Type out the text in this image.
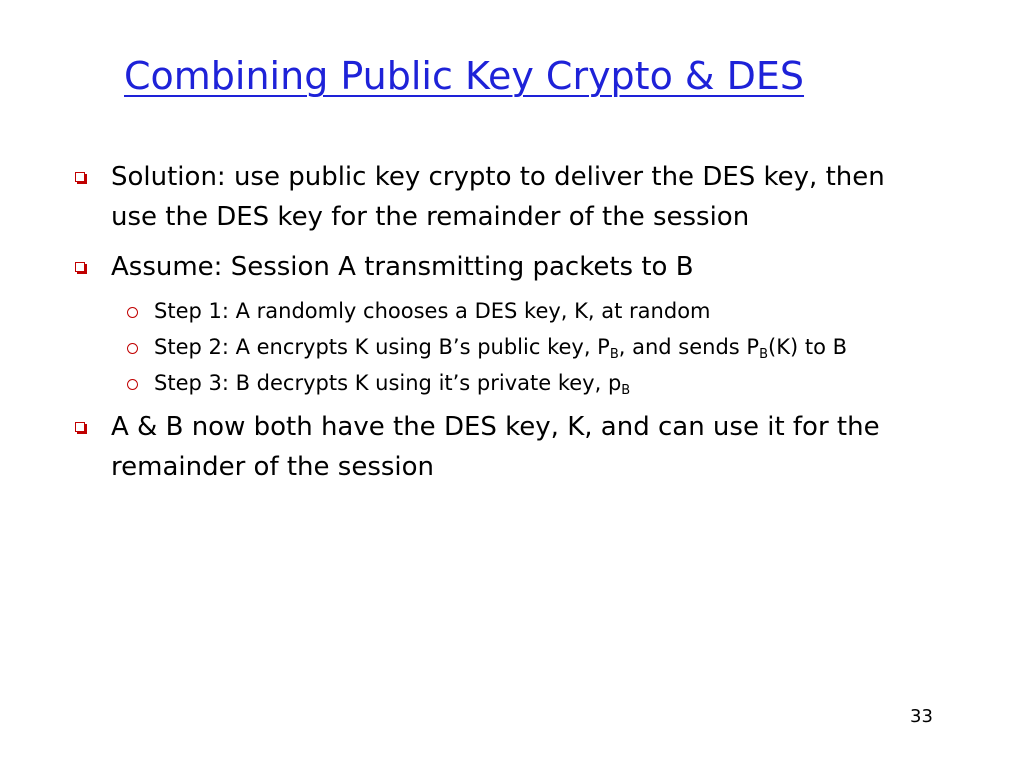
Combining Public Key Crypto & DES
Solution: use public key crypto to deliver the DES key, then use the DES key for the remainder of the session
Assume: Session A transmitting packets to B
Step 1: A randomly chooses a DES key, K, at random
Step 2: A encrypts K using B’s public key, $P_B$, and sends $P_B(K)$ to B
Step 3: B decrypts K using it’s private key, $p_B$
A & B now both have the DES key, K, and can use it for the remainder of the session
33
